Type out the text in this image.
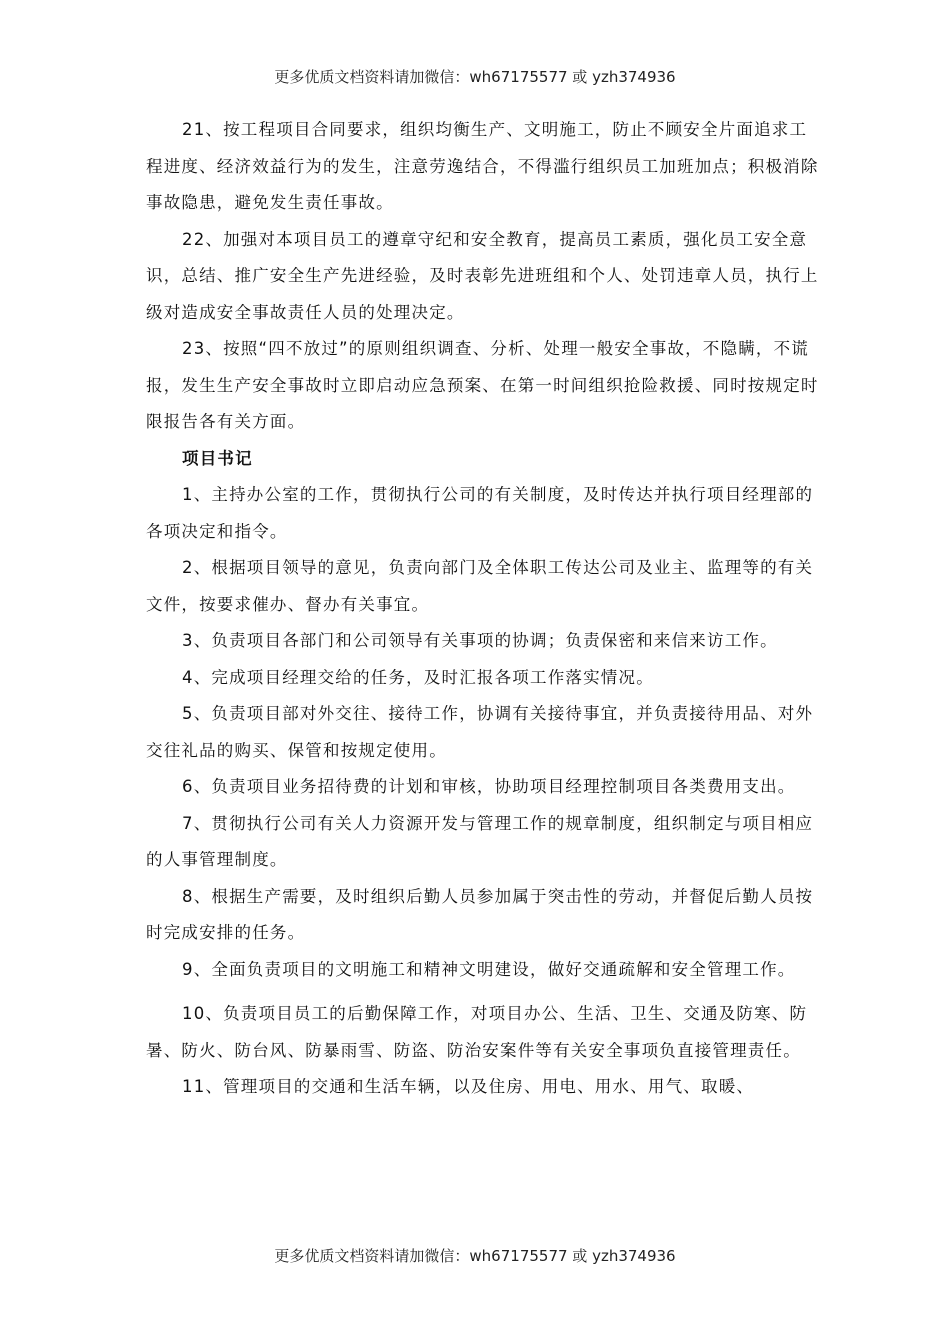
更多优质文档资料请加微信：wh67175577 或 yzh374936

21、按工程项目合同要求，组织均衡生产、文明施工，防止不顾安全片面追求工程进度、经济效益行为的发生，注意劳逸结合，不得滥行组织员工加班加点；积极消除事故隐患，避免发生责任事故。

22、加强对本项目员工的遵章守纪和安全教育，提高员工素质，强化员工安全意识，总结、推广安全生产先进经验，及时表彰先进班组和个人、处罚违章人员，执行上级对造成安全事故责任人员的处理决定。

23、按照“四不放过”的原则组织调查、分析、处理一般安全事故，不隐瞒，不谎报，发生生产安全事故时立即启动应急预案、在第一时间组织抢险救援、同时按规定时限报告各有关方面。

项目书记

1、主持办公室的工作，贯彻执行公司的有关制度，及时传达并执行项目经理部的各项决定和指令。

2、根据项目领导的意见，负责向部门及全体职工传达公司及业主、监理等的有关文件，按要求催办、督办有关事宜。

3、负责项目各部门和公司领导有关事项的协调；负责保密和来信来访工作。

4、完成项目经理交给的任务，及时汇报各项工作落实情况。

5、负责项目部对外交往、接待工作，协调有关接待事宜，并负责接待用品、对外交往礼品的购买、保管和按规定使用。

6、负责项目业务招待费的计划和审核，协助项目经理控制项目各类费用支出。

7、贯彻执行公司有关人力资源开发与管理工作的规章制度，组织制定与项目相应的人事管理制度。

8、根据生产需要，及时组织后勤人员参加属于突击性的劳动，并督促后勤人员按时完成安排的任务。

9、全面负责项目的文明施工和精神文明建设，做好交通疏解和安全管理工作。

10、负责项目员工的后勤保障工作，对项目办公、生活、卫生、交通及防寒、防暑、防火、防台风、防暴雨雪、防盗、防治安案件等有关安全事项负直接管理责任。

11、管理项目的交通和生活车辆，以及住房、用电、用水、用气、取暖、

更多优质文档资料请加微信：wh67175577 或 yzh374936
